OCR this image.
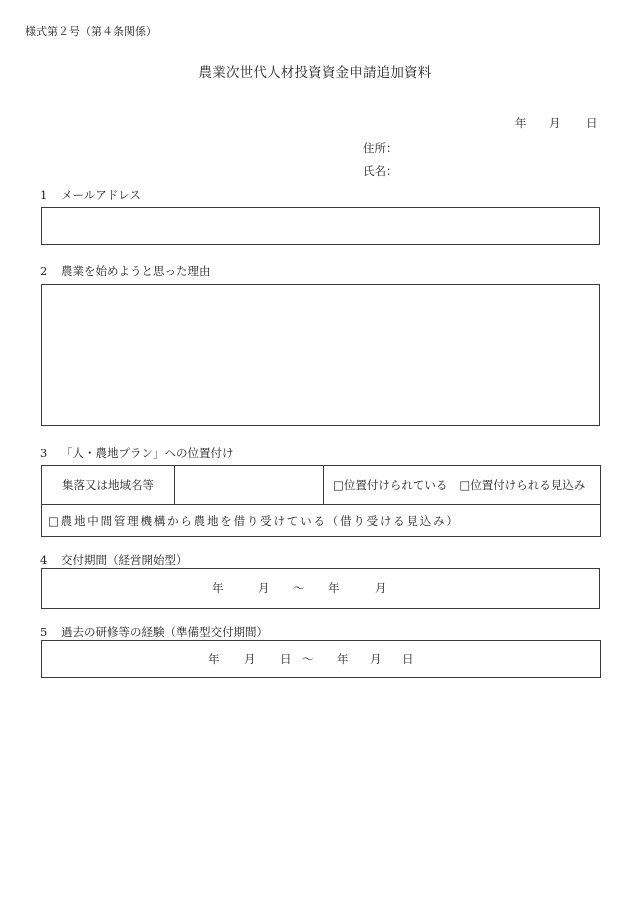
様式第２号（第４条関係）
農業次世代人材投資資金申請追加資料
年 月 日
住所：
氏名：
1 メールアドレス
2 農業を始めようと思った理由
3 「人・農地プラン」への位置付け
集落又は地域名等		□位置付けられている □位置付けられる見込み
□農地中間管理機構から農地を借り受けている（借り受ける見込み）
4 交付期間（経営開始型）
年	月 ～ 年	月
5 過去の研修等の経験（準備型交付期間）
年 月 日 ～ 年 月 日
